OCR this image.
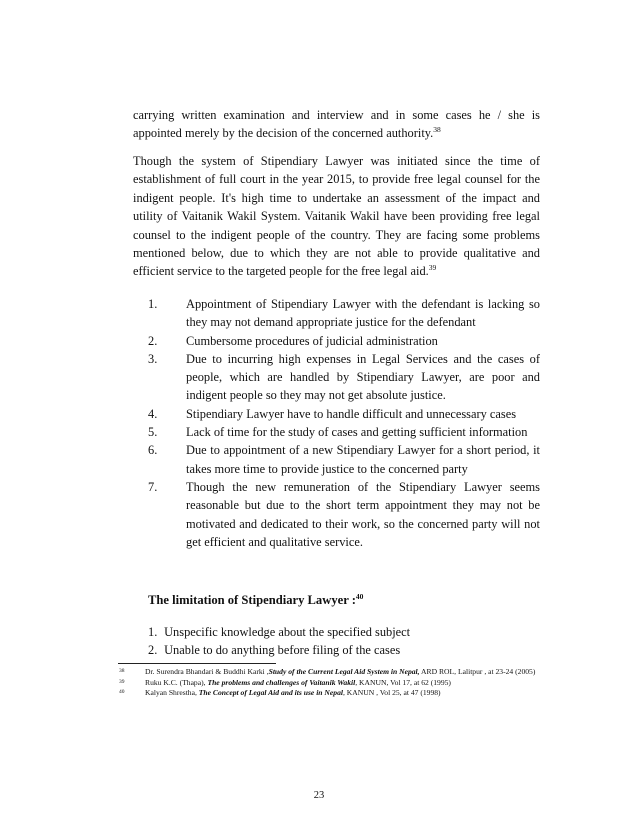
carrying written examination and interview and in some cases he / she is appointed merely by the decision of the concerned authority.$^{38}$

Though the system of Stipendiary Lawyer was initiated since the time of establishment of full court in the year 2015, to provide free legal counsel for the indigent people. It's high time to undertake an assessment of the impact and utility of Vaitanik Wakil System. Vaitanik Wakil have been providing free legal counsel to the indigent people of the country. They are facing some problems mentioned below, due to which they are not able to provide qualitative and efficient service to the targeted people for the free legal aid.$^{39}$

1. Appointment of Stipendiary Lawyer with the defendant is lacking so they may not demand appropriate justice for the defendant
2. Cumbersome procedures of judicial administration
3. Due to incurring high expenses in Legal Services and the cases of people, which are handled by Stipendiary Lawyer, are poor and indigent people so they may not get absolute justice.
4. Stipendiary Lawyer have to handle difficult and unnecessary cases
5. Lack of time for the study of cases and getting sufficient information
6. Due to appointment of a new Stipendiary Lawyer for a short period, it takes more time to provide justice to the concerned party
7. Though the new remuneration of the Stipendiary Lawyer seems reasonable but due to the short term appointment they may not be motivated and dedicated to their work, so the concerned party will not get efficient and qualitative service.
The limitation of Stipendiary Lawyer :$^{40}$
1. Unspecific knowledge about the specified subject
2. Unable to do anything before filing of the cases
38	Dr. Surendra Bhandari & Buddhi Karki ,Study of the Current Legal Aid System in Nepal, ARD ROL, Lalitpur , at 23-24 (2005)
39	Ruku K.C. (Thapa), The problems and challenges of Vaitanik Wakil, KANUN, Vol 17, at 62 (1995)
40	Kalyan Shrestha, The Concept of Legal Aid and its use in Nepal, KANUN , Vol 25, at 47 (1998)
23
